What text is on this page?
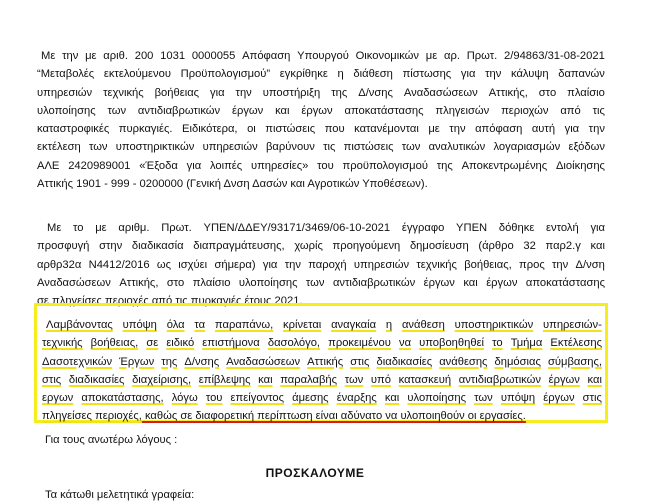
Με την με αριθ. 200 1031 0000055 Απόφαση Υπουργού Οικονομικών με αρ. Πρωτ. 2/94863/31-08-2021
“Μεταβολές εκτελούμενου Προϋπολογισμού” εγκρίθηκε η διάθεση πίστωσης για την κάλυψη δαπανών
υπηρεσιών τεχνικής βοήθειας για την υποστήριξη της Δ/νσης Αναδασώσεων Αττικής, στο πλαίσιο
υλοποίησης των αντιδιαβρωτικών έργων και έργων αποκατάστασης πληγεισών περιοχών από τις
καταστροφικές πυρκαγιές. Ειδικότερα, οι πιστώσεις που κατανέμονται με την απόφαση αυτή για την
εκτέλεση των υποστηρικτικών υπηρεσιών βαρύνουν τις πιστώσεις των αναλυτικών λογαριασμών εξόδων
ΑΛΕ 2420989001 «Έξοδα για λοιπές υπηρεσίες» του προϋπολογισμού της Αποκεντρωμένης Διοίκησης
Αττικής 1901 - 999 - 0200000 (Γενική Δνση Δασών και Αγροτικών Υποθέσεων).
Με το με αριθμ. Πρωτ. ΥΠΕΝ/ΔΔΕΥ/93171/3469/06-10-2021 έγγραφο ΥΠΕΝ δόθηκε εντολή για
προσφυγή στην διαδικασία διαπραγμάτευσης, χωρίς προηγούμενη δημοσίευση (άρθρο 32 παρ2.γ και
αρθρ32α Ν4412/2016 ως ισχύει σήμερα) για την παροχή υπηρεσιών τεχνικής βοήθειας, προς την Δ/νση
Αναδασώσεων Αττικής, στο πλαίσιο υλοποίησης των αντιδιαβρωτικών έργων και έργων αποκατάστασης
σε πληγείσες περιοχές από τις πυρκαγιές έτους 2021.
Λαμβάνοντας υπόψη όλα τα παραπάνω, κρίνεται αναγκαία η ανάθεση υποστηρικτικών υπηρεσιών-
τεχνικής βοήθειας, σε ειδικό επιστήμονα δασολόγο, προκειμένου να υποβοηθηθεί το Τμήμα Εκτέλεσης
Δασοτεχνικών Έργων της Δ/νσης Αναδασώσεων Αττικής στις διαδικασίες ανάθεσης δημόσιας σύμβασης,
στις διαδικασίες διαχείρισης, επίβλεψης και παραλαβής των υπό κατασκευή αντιδιαβρωτικών έργων και
εργων αποκατάστασης, λόγω του επείγοντος άμεσης έναρξης και υλοποίησης των υπόψη έργων στις
πληγείσες περιοχές, καθώς σε διαφορετική περίπτωση είναι αδύνατο να υλοποιηθούν οι εργασίες.
Για τους ανωτέρω λόγους :
ΠΡΟΣΚΑΛΟΥΜΕ
Τα κάτωθι μελετητικά γραφεία:
